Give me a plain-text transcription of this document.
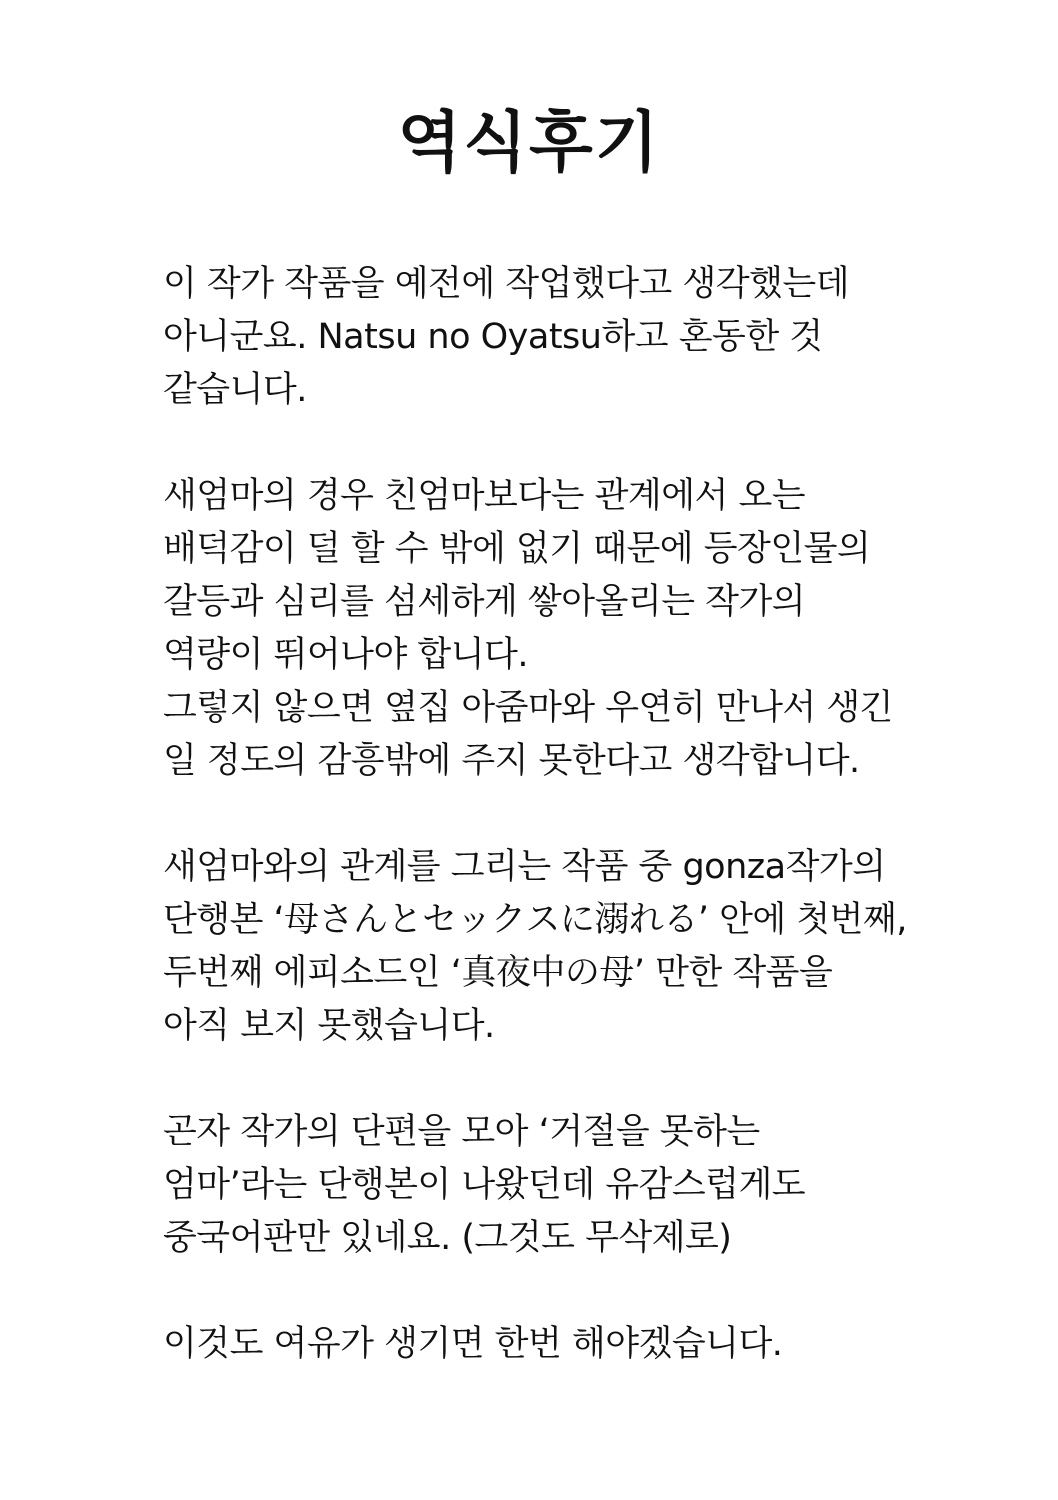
역식후기
이 작가 작품을 예전에 작업했다고 생각했는데
아니군요. Natsu no Oyatsu하고 혼동한 것
같습니다.
새엄마의 경우 친엄마보다는 관계에서 오는
배덕감이 덜 할 수 밖에 없기 때문에 등장인물의
갈등과 심리를 섬세하게 쌓아올리는 작가의
역량이 뛰어나야 합니다.
그렇지 않으면 옆집 아줌마와 우연히 만나서 생긴
일 정도의 감흥밖에 주지 못한다고 생각합니다.
새엄마와의 관계를 그리는 작품 중 gonza작가의
단행본 ‘母さんとセックスに溺れる’ 안에 첫번째,
두번째 에피소드인 ‘真夜中の母’ 만한 작품을
아직 보지 못했습니다.
곤자 작가의 단편을 모아 ‘거절을 못하는
엄마’라는 단행본이 나왔던데 유감스럽게도
중국어판만 있네요. (그것도 무삭제로)
이것도 여유가 생기면 한번 해야겠습니다.
